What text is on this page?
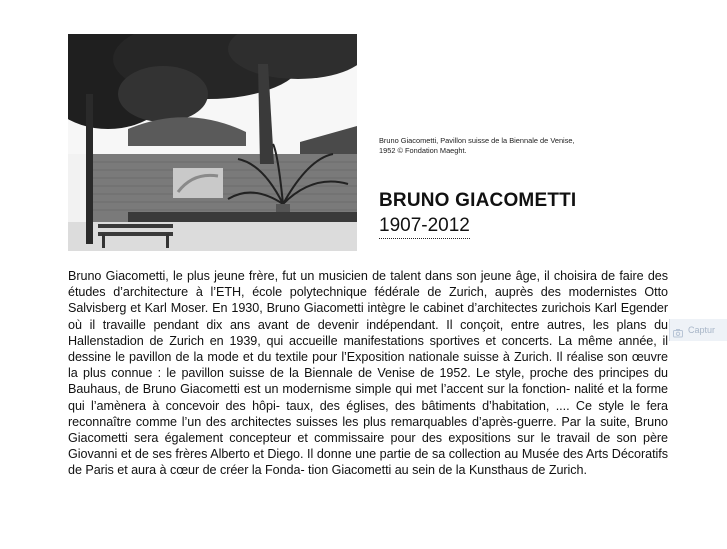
Bruno Giacometti, Pavillon suisse de la Biennale de Venise,
1952 © Fondation Maeght.
BRUNO GIACOMETTI
1907-2012
Bruno Giacometti, le plus jeune frère, fut un musicien de talent dans son jeune âge, il choisira de faire des études d’architecture à l’ETH, école polytechnique fédérale de Zurich, auprès des modernistes Otto Salvisberg et Karl Moser. En 1930, Bruno Giacometti intègre le cabinet d’architectes zurichois Karl Egender où il travaille pendant dix ans avant de devenir indépendant. Il conçoit, entre autres, les plans du Hallenstadion de Zurich en 1939, qui accueille manifestations sportives et concerts. La même année, il dessine le pavillon de la mode et du textile pour l’Exposition nationale suisse à Zurich. Il réalise son œuvre la plus connue : le pavillon suisse de la Biennale de Venise de 1952. Le style, proche des principes du Bauhaus, de Bruno Giacometti est un modernisme simple qui met l’accent sur la fonction- nalité et la forme qui l’amènera à concevoir des hôpi- taux, des églises, des bâtiments d’habitation, .... Ce style le fera reconnaître comme l’un des architectes suisses les plus remarquables d’après-guerre. Par la suite, Bruno Giacometti sera également concepteur et commissaire pour des expositions sur le travail de son père Giovanni et de ses frères Alberto et Diego. Il donne une partie de sa collection au Musée des Arts Décoratifs de Paris et aura à cœur de créer la Fonda- tion Giacometti au sein de la Kunsthaus de Zurich.
Captur
